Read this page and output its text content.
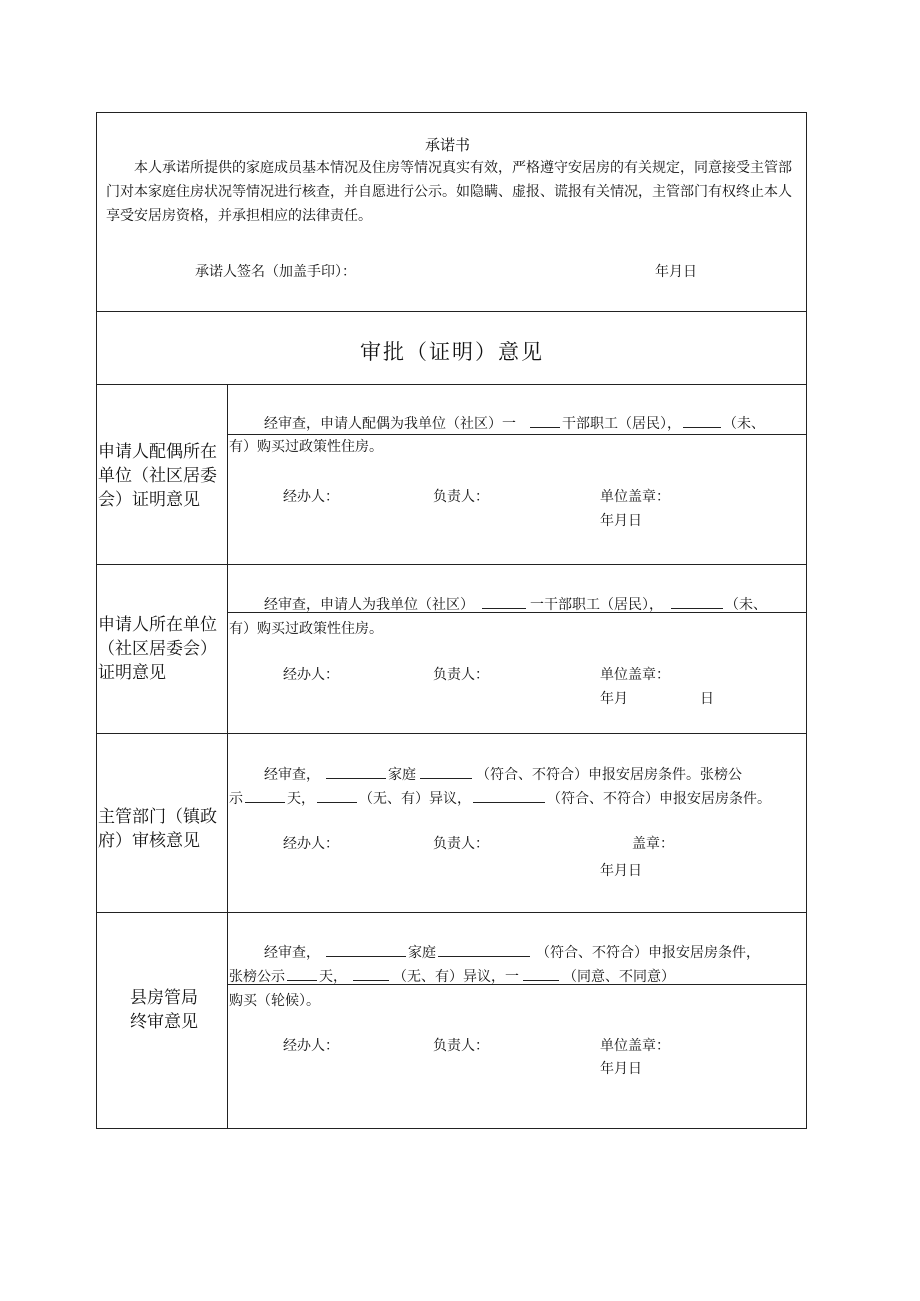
承诺书
本人承诺所提供的家庭成员基本情况及住房等情况真实有效，严格遵守安居房的有关规定，同意接受主管部门对本家庭住房状况等情况进行核查，并自愿进行公示。如隐瞒、虚报、谎报有关情况，主管部门有权终止本人享受安居房资格，并承担相应的法律责任。
承诺人签名（加盖手印）：	年月日
审批（证明）意见
申请人配偶所在单位（社区居委会）证明意见
经审查，申请人配偶为我单位（社区）一	干部职工（居民），	（未、
有）购买过政策性住房。
经办人：	负责人：	单位盖章：
年月日
申请人所在单位（社区居委会）证明意见
经审查，申请人为我单位（社区）	一干部职工（居民），	（未、
有）购买过政策性住房。
经办人：	负责人：	单位盖章：
年月	日
主管部门（镇政府）审核意见
经审查，	家庭	（符合、不符合）申报安居房条件。张榜公
示	天，	（无、有）异议，	（符合、不符合）申报安居房条件。
经办人：	负责人：	盖章：
年月日
县房管局终审意见
经审查，	家庭	（符合、不符合）申报安居房条件，
张榜公示 天，	（无、有）异议，一	（同意、不同意）
购买（轮候）。
经办人：	负责人：	单位盖章：
年月日
